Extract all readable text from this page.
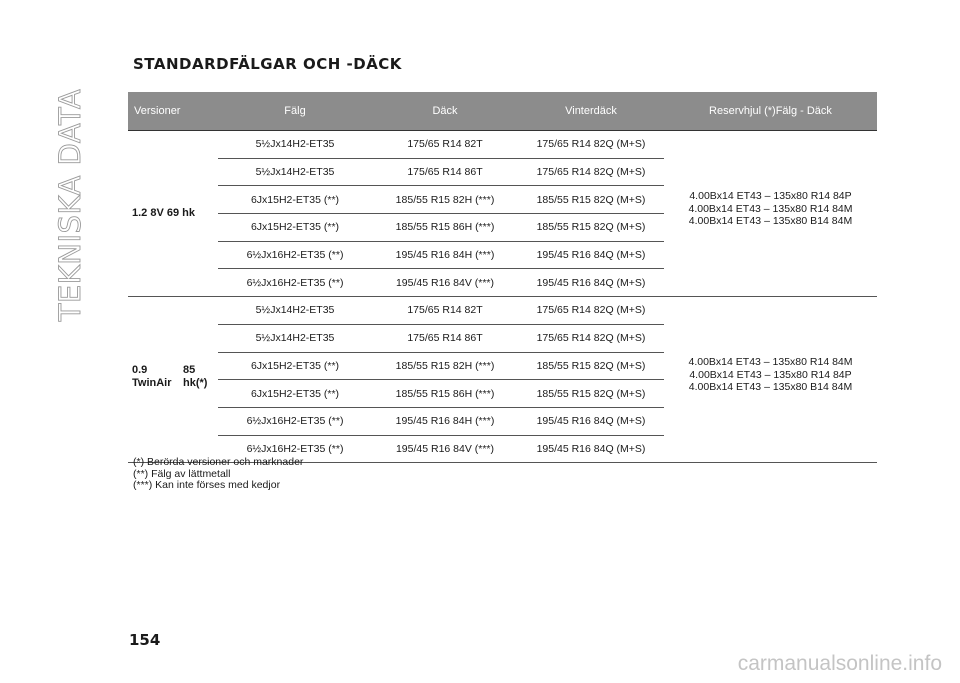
TEKNISKA DATA
STANDARDFÄLGAR OCH -DÄCK
Versioner	Fälg	Däck	Vinterdäck	Reservhjul (*) Fälg - Däck
1.2 8V 69 hk
5½Jx14H2-ET35	175/65 R14 82T	175/65 R14 82Q (M+S)
5½Jx14H2-ET35	175/65 R14 86T	175/65 R14 82Q (M+S)
6Jx15H2-ET35 (**)	185/55 R15 82H (***)	185/55 R15 82Q (M+S)
6Jx15H2-ET35 (**)	185/55 R15 86H (***)	185/55 R15 82Q (M+S)
6½Jx16H2-ET35 (**)	195/45 R16 84H (***)	195/45 R16 84Q (M+S)
6½Jx16H2-ET35 (**)	195/45 R16 84V (***)	195/45 R16 84Q (M+S)
4.00Bx14 ET43 – 135x80 R14 84P
4.00Bx14 ET43 – 135x80 R14 84M
4.00Bx14 ET43 – 135x80 B14 84M
0.9 TwinAir

85 hk(*)
5½Jx14H2-ET35	175/65 R14 82T	175/65 R14 82Q (M+S)
5½Jx14H2-ET35	175/65 R14 86T	175/65 R14 82Q (M+S)
6Jx15H2-ET35 (**)	185/55 R15 82H (***)	185/55 R15 82Q (M+S)
6Jx15H2-ET35 (**)	185/55 R15 86H (***)	185/55 R15 82Q (M+S)
6½Jx16H2-ET35 (**)	195/45 R16 84H (***)	195/45 R16 84Q (M+S)
6½Jx16H2-ET35 (**)	195/45 R16 84V (***)	195/45 R16 84Q (M+S)
4.00Bx14 ET43 – 135x80 R14 84M
4.00Bx14 ET43 – 135x80 R14 84P
4.00Bx14 ET43 – 135x80 B14 84M
(*) Berörda versioner och marknader
(**) Fälg av lättmetall
(***) Kan inte förses med kedjor
154
carmanualsonline.info
